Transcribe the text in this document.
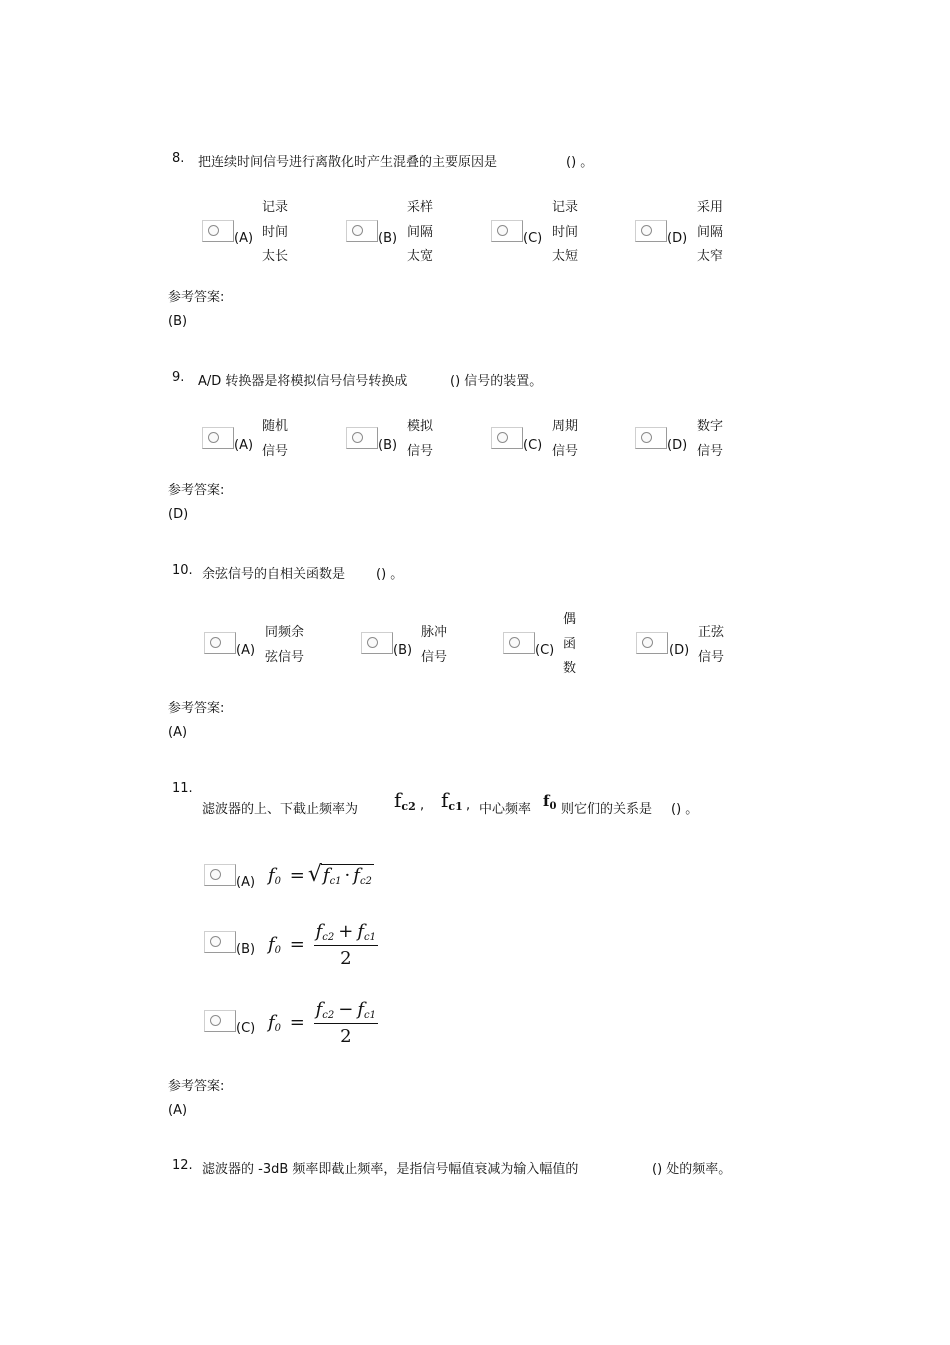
8. 把连续时间信号进行离散化时产生混叠的主要原因是	() 。
(A)
记录
时间
太长
(B)
采样
间隔
太宽
(C)
记录
时间
太短
(D)
采用
间隔
太窄
参考答案:
(B)
9. A/D 转换器是将模拟信号信号转换成	() 信号的装置。
(A)
随机
信号	(B)
模拟
信号	(C)
周期
信号	(D)
数字
信号
参考答案:
(D)
10. 余弦信号的自相关函数是 () 。
(A)
同频余
弦信号	(B)
脉冲
信号	(C)
偶
函
数
(D)
正弦
信号
参考答案:
(A)
11.
滤波器的上、下截止频率为 $f_{c2}$ , $f_{c1}$ , 中心频率 $f_0$ 则它们的关系是 () 。
(A) $f_0 = √f_{c1} \cdot f_{c2}$
(B) $f_0 = \frac{f_{c2} + f_{c1}}{2}$
(C) $f_0 = \frac{f_{c2} - f_{c1}}{2}$
参考答案:
(A)
12. 滤波器的 -3dB 频率即截止频率，是指信号幅值衰减为输入幅值的	() 处的频率。
